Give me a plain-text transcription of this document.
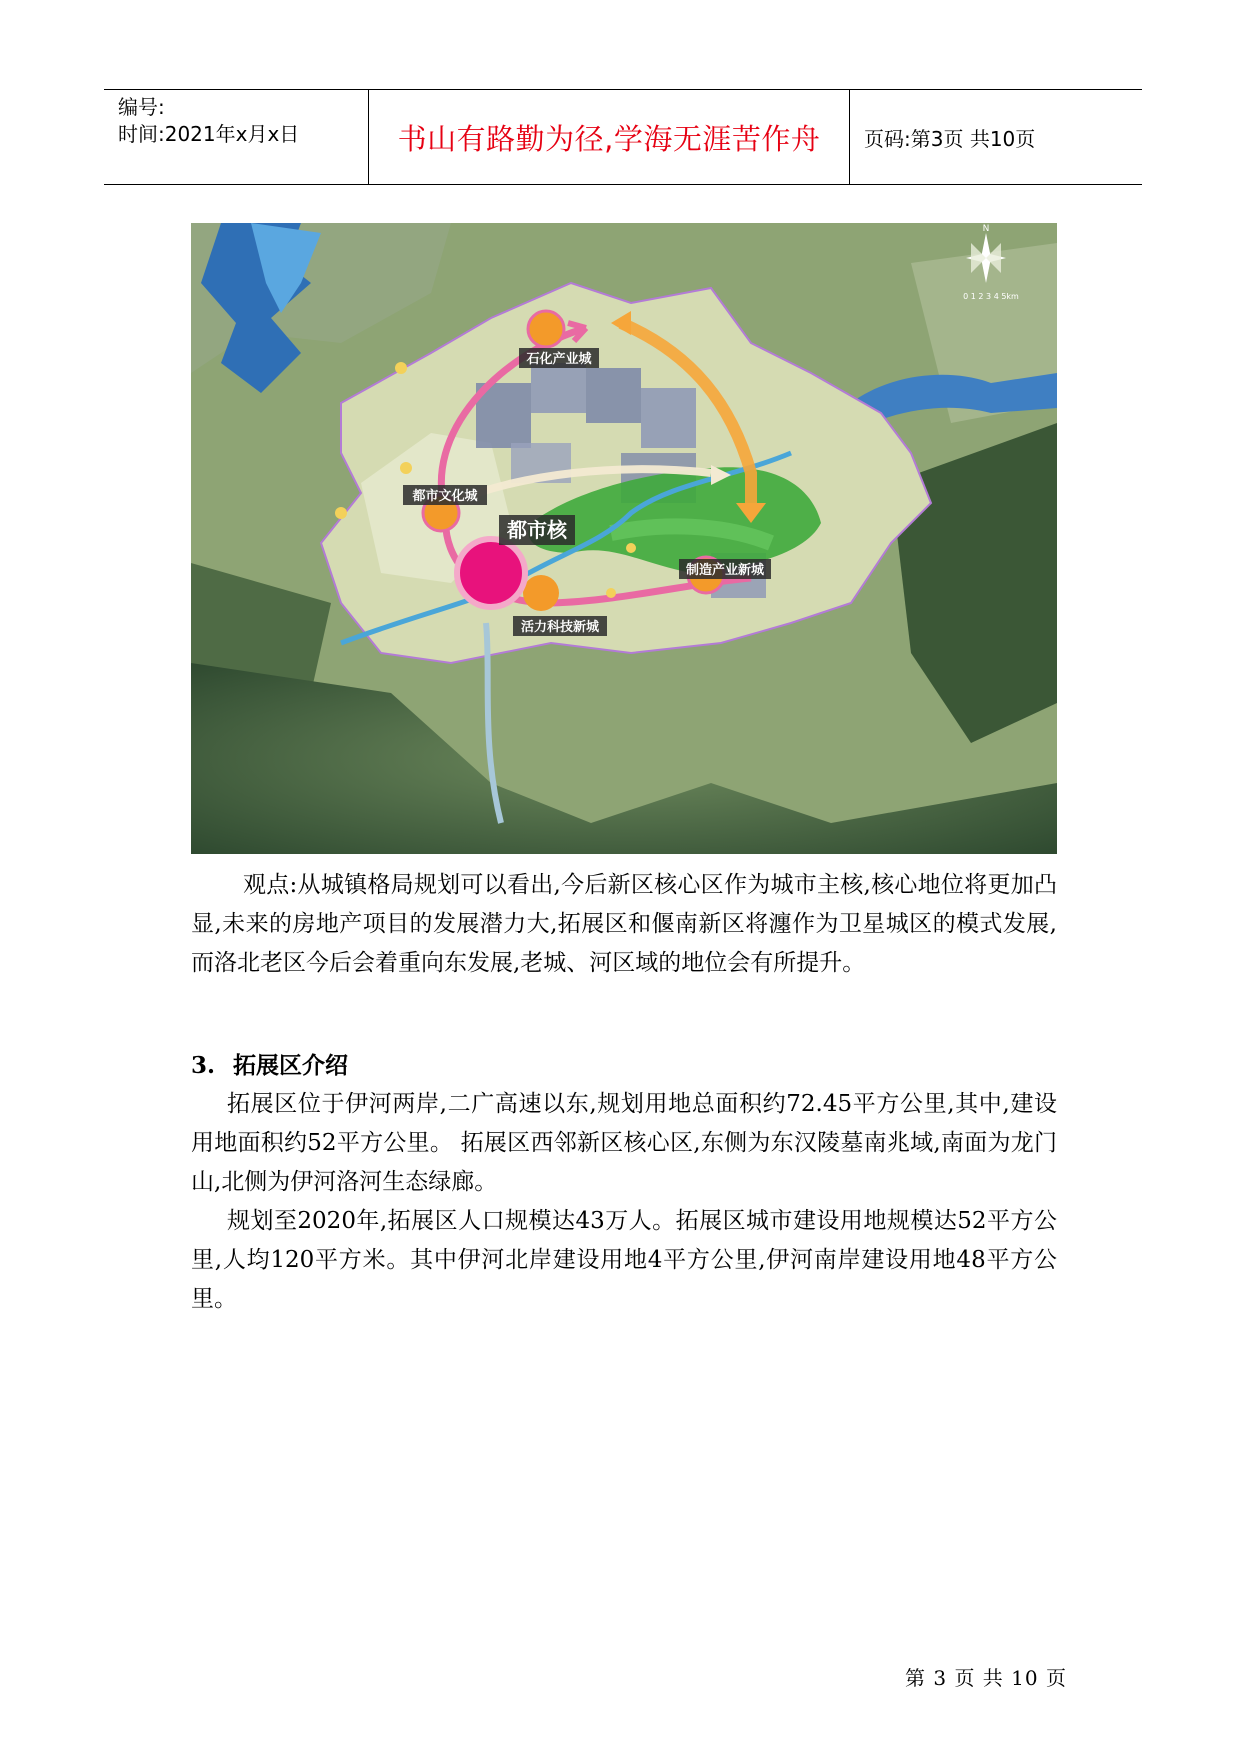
编号:
时间:2021年x月x日	书山有路勤为径,学海无涯苦作舟 页码:第3页 共10页
石化产业城
都市文化城
都市核
活力科技新城
制造产业新城
N
0 1 2 3 4 5km
观点:从城镇格局规划可以看出,今后新区核心区作为城市主核,核心地位将更加凸显,未来的房地产项目的发展潜力大,拓展区和偃南新区将瀍作为卫星城区的模式发展,而洛北老区今后会着重向东发展,老城、河区域的地位会有所提升。
3. 拓展区介绍
拓展区位于伊河两岸,二广高速以东,规划用地总面积约72.45平方公里,其中,建设用地面积约52平方公里。 拓展区西邻新区核心区,东侧为东汉陵墓南兆域,南面为龙门山,北侧为伊河洛河生态绿廊。
规划至2020年,拓展区人口规模达43万人。拓展区城市建设用地规模达52平方公里,人均120平方米。其中伊河北岸建设用地4平方公里,伊河南岸建设用地48平方公里。
第 3 页 共 10 页
